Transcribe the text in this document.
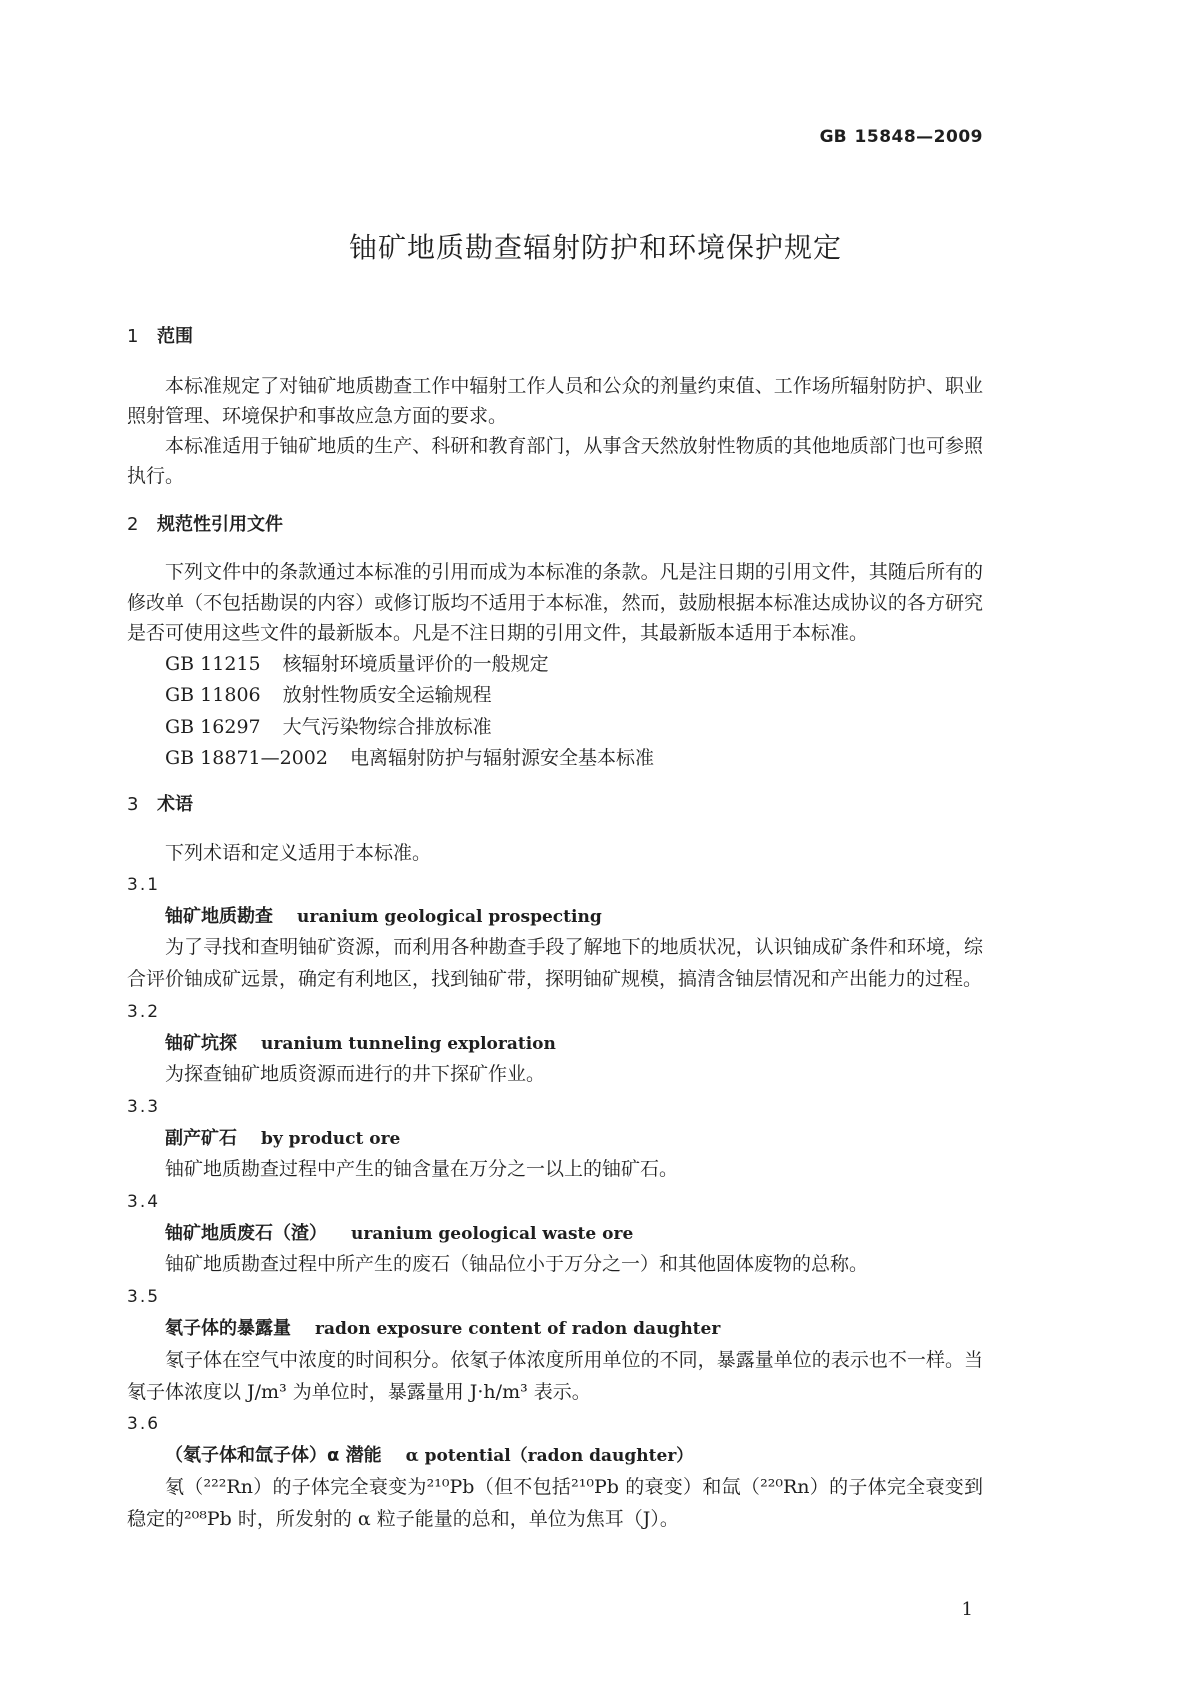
GB 15848—2009
铀矿地质勘查辐射防护和环境保护规定
1 范围
本标准规定了对铀矿地质勘查工作中辐射工作人员和公众的剂量约束值、工作场所辐射防护、职业照射管理、环境保护和事故应急方面的要求。
本标准适用于铀矿地质的生产、科研和教育部门，从事含天然放射性物质的其他地质部门也可参照执行。
2 规范性引用文件
下列文件中的条款通过本标准的引用而成为本标准的条款。凡是注日期的引用文件，其随后所有的修改单（不包括勘误的内容）或修订版均不适用于本标准，然而，鼓励根据本标准达成协议的各方研究是否可使用这些文件的最新版本。凡是不注日期的引用文件，其最新版本适用于本标准。
GB 11215 核辐射环境质量评价的一般规定
GB 11806 放射性物质安全运输规程
GB 16297 大气污染物综合排放标准
GB 18871—2002 电离辐射防护与辐射源安全基本标准
3 术语
下列术语和定义适用于本标准。
3.1
铀矿地质勘查 uranium geological prospecting
为了寻找和查明铀矿资源，而利用各种勘查手段了解地下的地质状况，认识铀成矿条件和环境，综合评价铀成矿远景，确定有利地区，找到铀矿带，探明铀矿规模，搞清含铀层情况和产出能力的过程。
3.2
铀矿坑探 uranium tunneling exploration
为探查铀矿地质资源而进行的井下探矿作业。
3.3
副产矿石 by product ore
铀矿地质勘查过程中产生的铀含量在万分之一以上的铀矿石。
3.4
铀矿地质废石（渣） uranium geological waste ore
铀矿地质勘查过程中所产生的废石（铀品位小于万分之一）和其他固体废物的总称。
3.5
氡子体的暴露量 radon exposure content of radon daughter
氡子体在空气中浓度的时间积分。依氡子体浓度所用单位的不同，暴露量单位的表示也不一样。当氡子体浓度以 J/m³ 为单位时，暴露量用 J·h/m³ 表示。
3.6
（氡子体和氙子体）α 潜能 α potential（radon daughter）
氡（²²²Rn）的子体完全衰变为²¹⁰Pb（但不包括²¹⁰Pb 的衰变）和氙（²²⁰Rn）的子体完全衰变到稳定的²⁰⁸Pb 时，所发射的 α 粒子能量的总和，单位为焦耳（J）。
1
